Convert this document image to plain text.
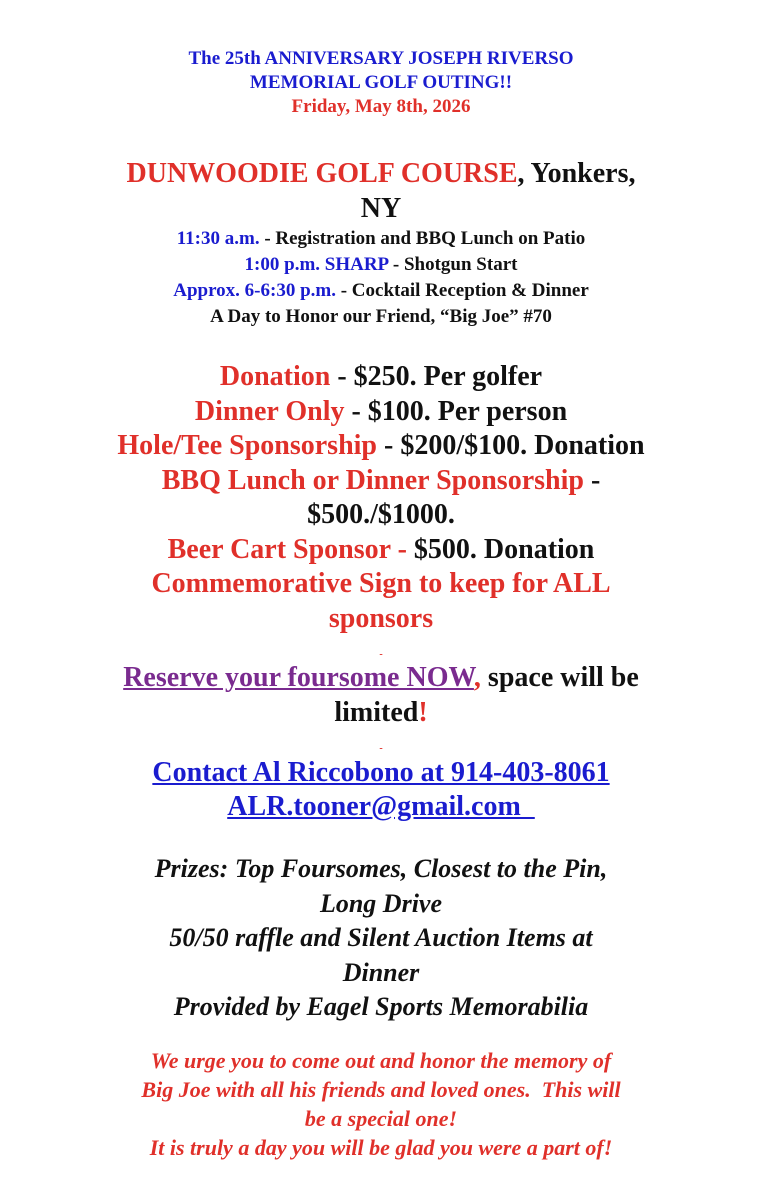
The 25th ANNIVERSARY JOSEPH RIVERSO
MEMORIAL GOLF OUTING!!
Friday, May 8th, 2026
DUNWOODIE GOLF COURSE, Yonkers,
NY
11:30 a.m. - Registration and BBQ Lunch on Patio
1:00 p.m. SHARP - Shotgun Start
Approx. 6-6:30 p.m. - Cocktail Reception & Dinner
A Day to Honor our Friend, “Big Joe” #70
Donation - $250. Per golfer
Dinner Only - $100. Per person
Hole/Tee Sponsorship - $200/$100. Donation
BBQ Lunch or Dinner Sponsorship -
$500./$1000.
Beer Cart Sponsor - $500. Donation
Commemorative Sign to keep for ALL
sponsors
-
Reserve your foursome NOW, space will be
limited!
-
Contact Al Riccobono at 914-403-8061
ALR.tooner@gmail.com
Prizes: Top Foursomes, Closest to the Pin,
Long Drive
50/50 raffle and Silent Auction Items at
Dinner
Provided by Eagel Sports Memorabilia
We urge you to come out and honor the memory of
Big Joe with all his friends and loved ones.  This will
be a special one!
It is truly a day you will be glad you were a part of!
